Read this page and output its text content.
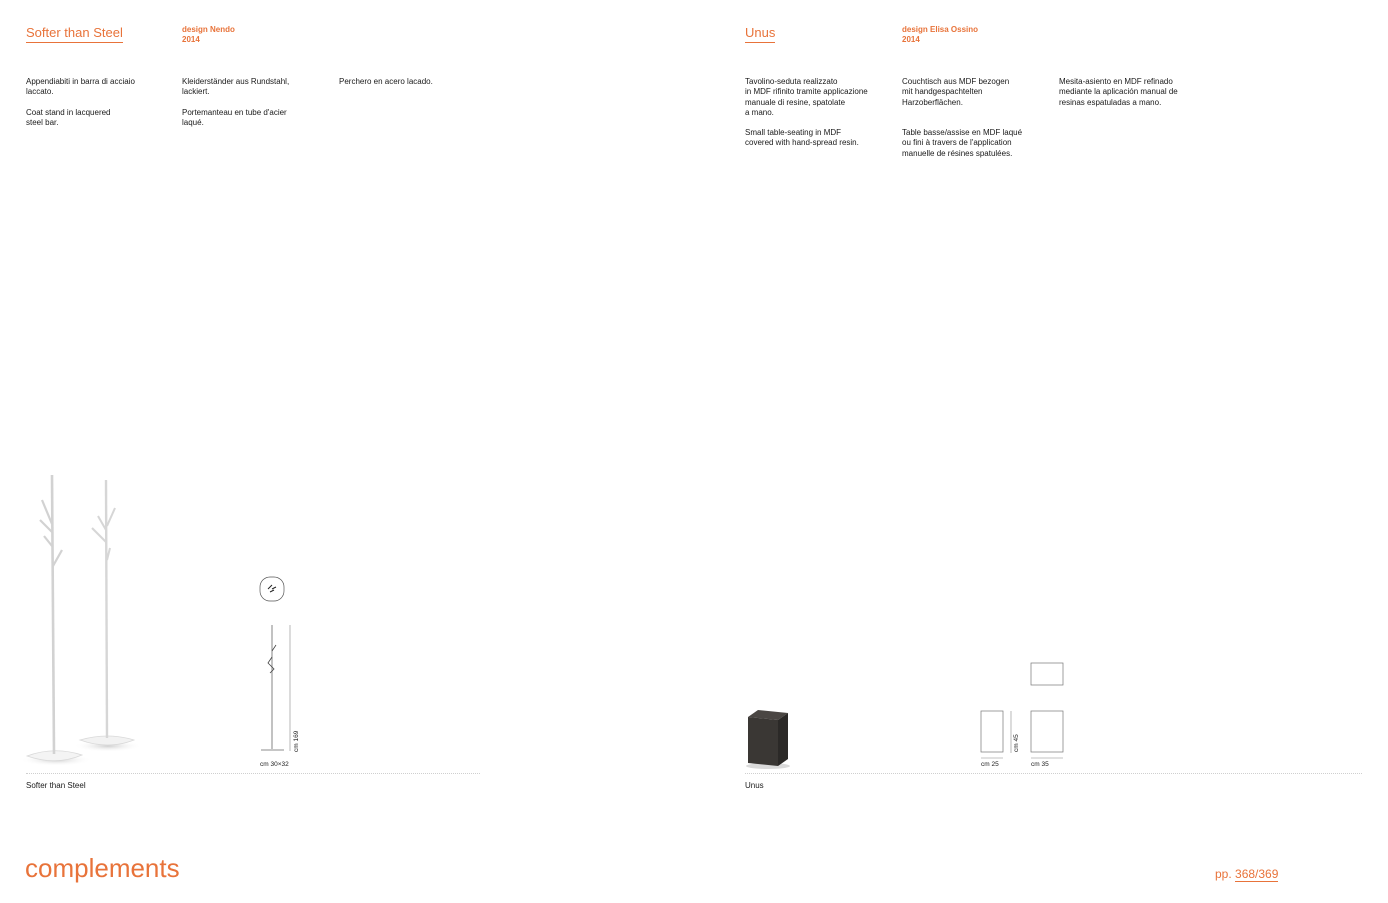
Softer than Steel	design Nendo
2014
Appendiabiti in barra di acciaio
laccato.
Coat stand in lacquered
steel bar.
Kleiderständer aus Rundstahl,
lackiert.
Portemanteau en tube d'acier
laqué.
Perchero en acero lacado.
cm 169
cm 30×32
Softer than Steel
Unus	design Elisa Ossino
2014
Tavolino-seduta realizzato
in MDF rifinito tramite applicazione
manuale di resine, spatolate
a mano.
Small table-seating in MDF
covered with hand-spread resin.
Couchtisch aus MDF bezogen
mit handgespachtelten
Harzoberflächen.
Table basse/assise en MDF laqué
ou fini à travers de l'application
manuelle de résines spatulées.
Mesita-asiento en MDF refinado
mediante la aplicación manual de
resinas espatuladas a mano.
cm 25
cm 45
cm 35
Unus
complements	pp. 368/369
